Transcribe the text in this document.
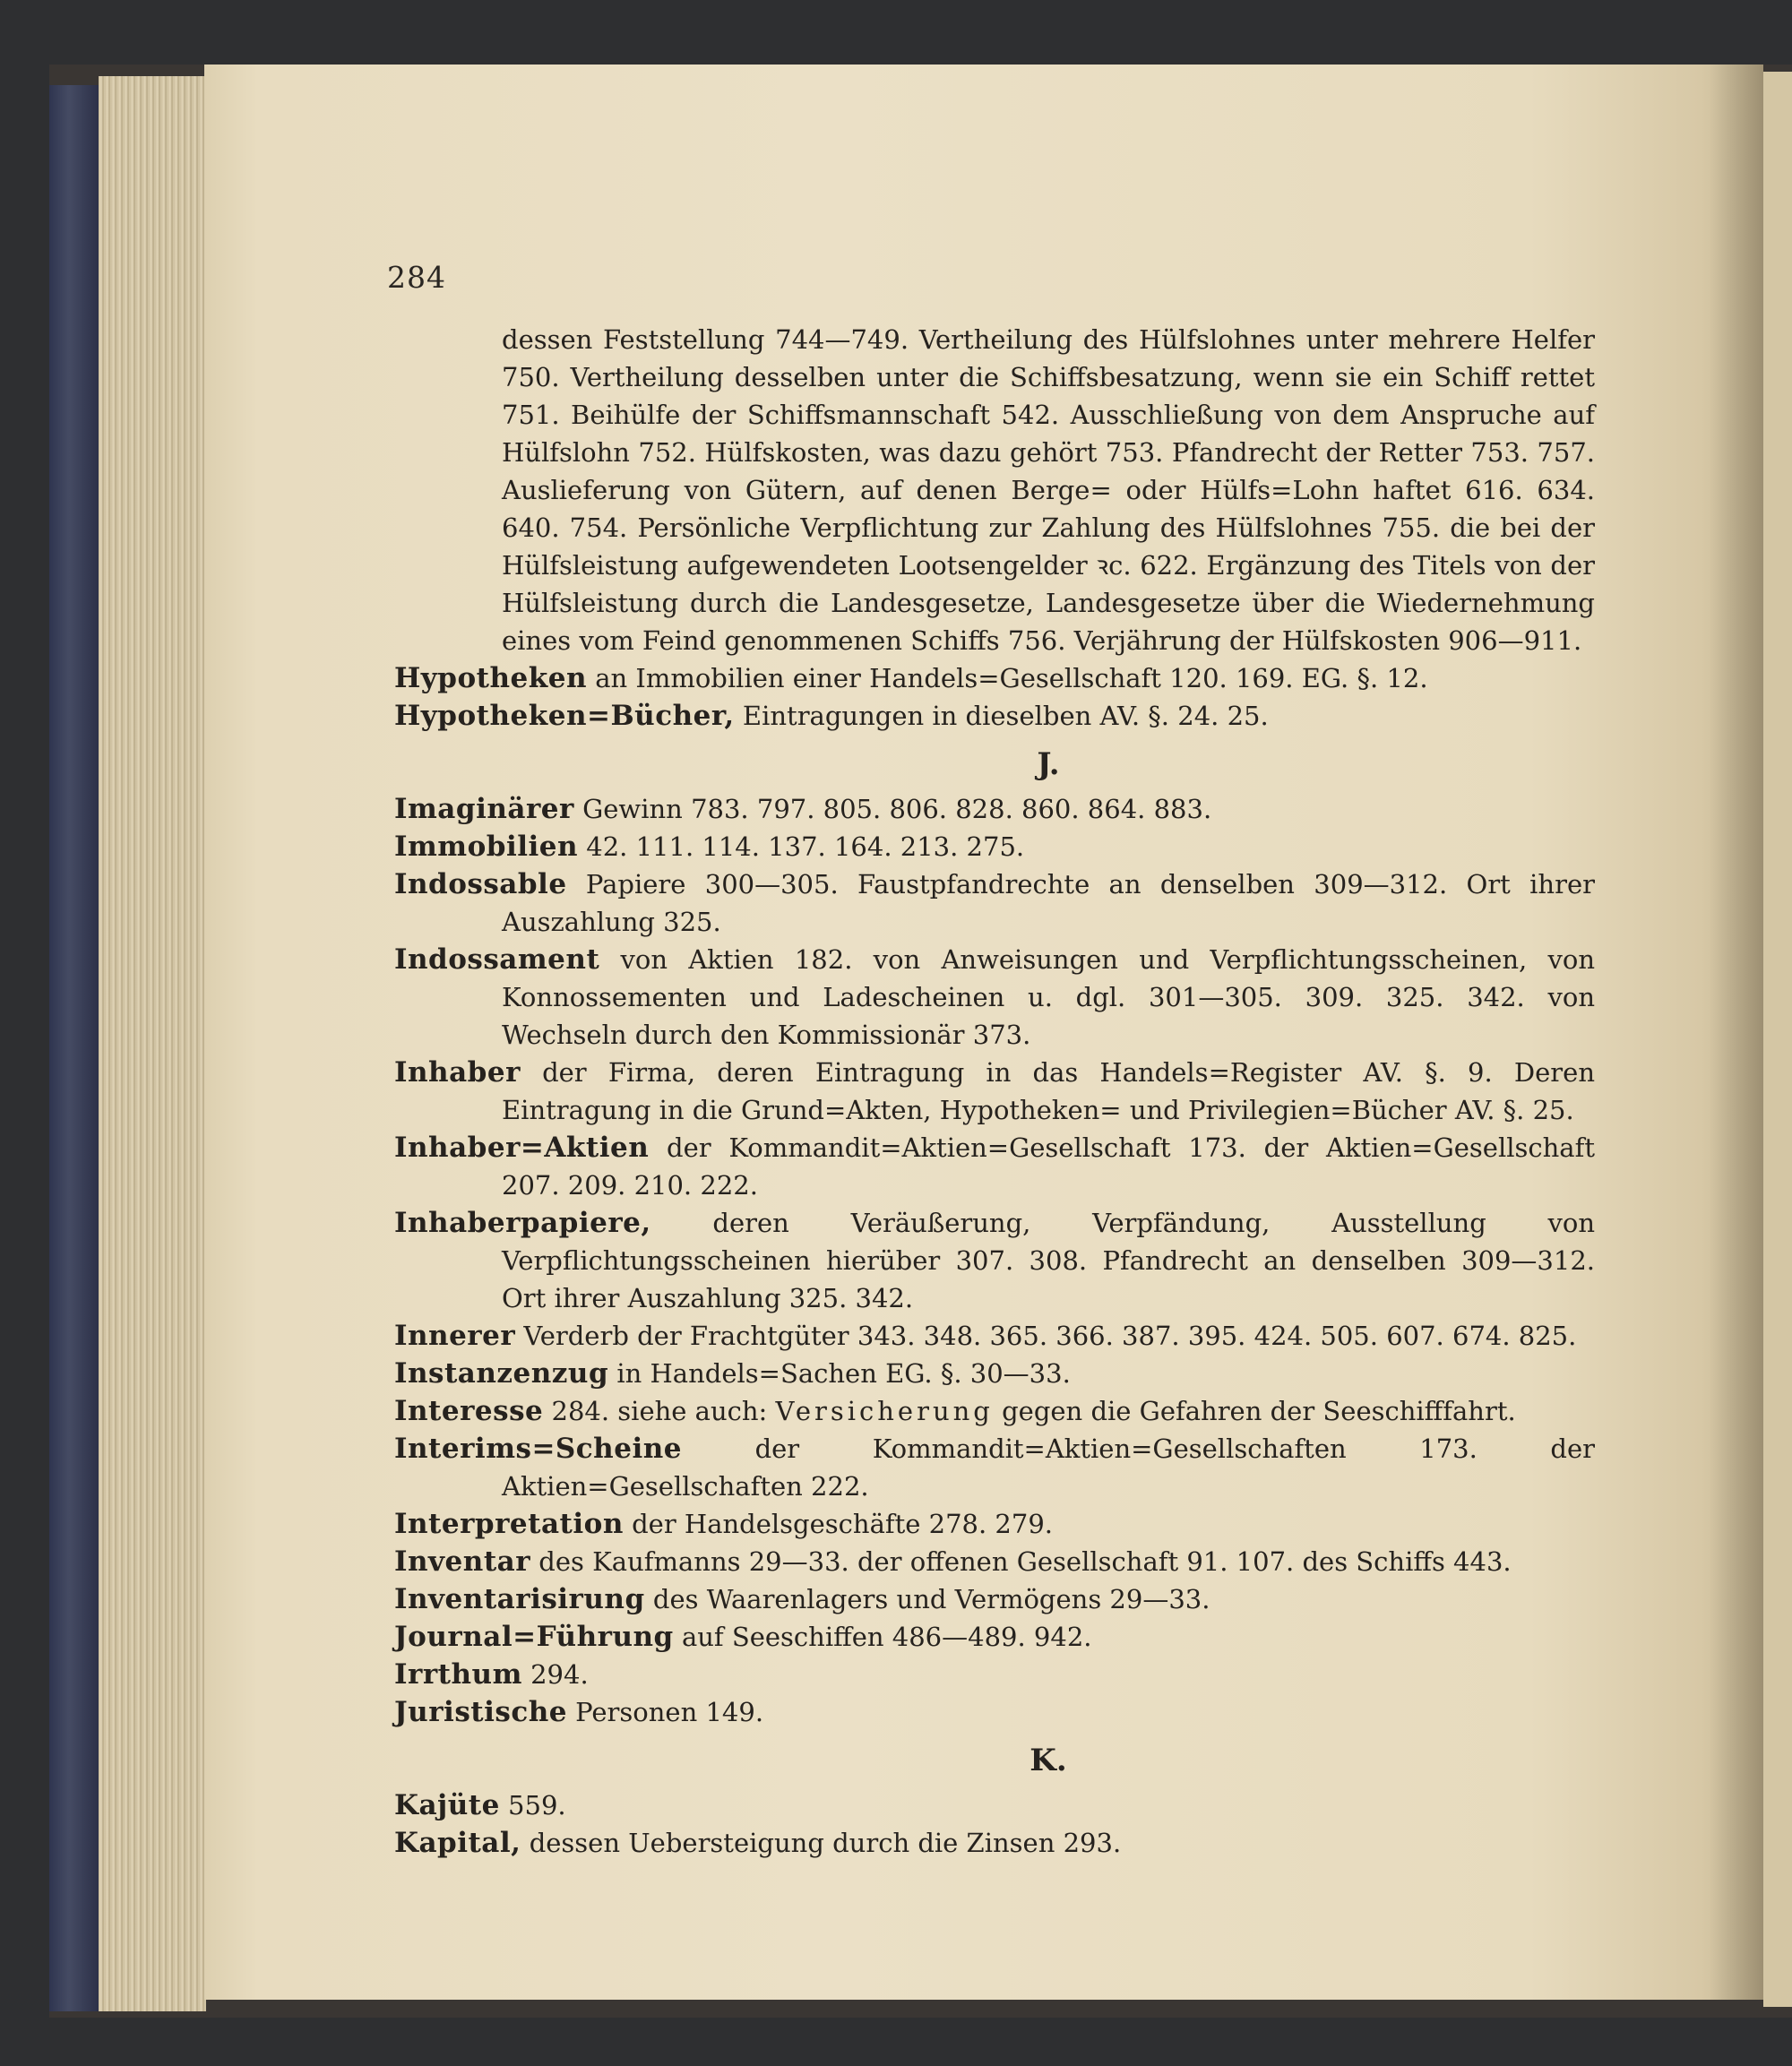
284

dessen Feststellung 744—749. Vertheilung des Hülfslohnes unter mehrere Helfer 750. Vertheilung desselben unter die Schiffsbesatzung, wenn sie ein Schiff rettet 751. Beihülfe der Schiffsmannschaft 542. Ausschließung von dem Anspruche auf Hülfslohn 752. Hülfskosten, was dazu gehört 753. Pfandrecht der Retter 753. 757. Auslieferung von Gütern, auf denen Berge= oder Hülfs=Lohn haftet 616. 634. 640. 754. Persönliche Verpflichtung zur Zahlung des Hülfslohnes 755. die bei der Hülfsleistung aufgewendeten Lootsengelder ꝛc. 622. Ergänzung des Titels von der Hülfsleistung durch die Landesgesetze, Landesgesetze über die Wiedernehmung eines vom Feind genommenen Schiffs 756. Verjährung der Hülfskosten 906—911.

Hypotheken an Immobilien einer Handels=Gesellschaft 120. 169. EG. §. 12.

Hypotheken=Bücher, Eintragungen in dieselben AV. §. 24. 25.

J.

Imaginärer Gewinn 783. 797. 805. 806. 828. 860. 864. 883.

Immobilien 42. 111. 114. 137. 164. 213. 275.

Indossable Papiere 300—305. Faustpfandrechte an denselben 309—312. Ort ihrer Auszahlung 325.

Indossament von Aktien 182. von Anweisungen und Verpflichtungsscheinen, von Konnossementen und Ladescheinen u. dgl. 301—305. 309. 325. 342. von Wechseln durch den Kommissionär 373.

Inhaber der Firma, deren Eintragung in das Handels=Register AV. §. 9. Deren Eintragung in die Grund=Akten, Hypotheken= und Privilegien=Bücher AV. §. 25.

Inhaber=Aktien der Kommandit=Aktien=Gesellschaft 173. der Aktien=Gesellschaft 207. 209. 210. 222.

Inhaberpapiere, deren Veräußerung, Verpfändung, Ausstellung von Verpflichtungsscheinen hierüber 307. 308. Pfandrecht an denselben 309—312. Ort ihrer Auszahlung 325. 342.

Innerer Verderb der Frachtgüter 343. 348. 365. 366. 387. 395. 424. 505. 607. 674. 825.

Instanzenzug in Handels=Sachen EG. §. 30—33.

Interesse 284. siehe auch: Versicherung gegen die Gefahren der Seeschifffahrt.

Interims=Scheine	der Kommandit=Aktien=Gesellschaften 173. der Aktien=Gesellschaften 222.

Interpretation der Handelsgeschäfte 278. 279.

Inventar des Kaufmanns 29—33. der offenen Gesellschaft 91. 107. des Schiffs 443.

Inventarisirung des Waarenlagers und Vermögens 29—33.

Journal=Führung auf Seeschiffen 486—489. 942.

Irrthum 294.

Juristische Personen 149.

K.

Kajüte 559.

Kapital, dessen Uebersteigung durch die Zinsen 293.
